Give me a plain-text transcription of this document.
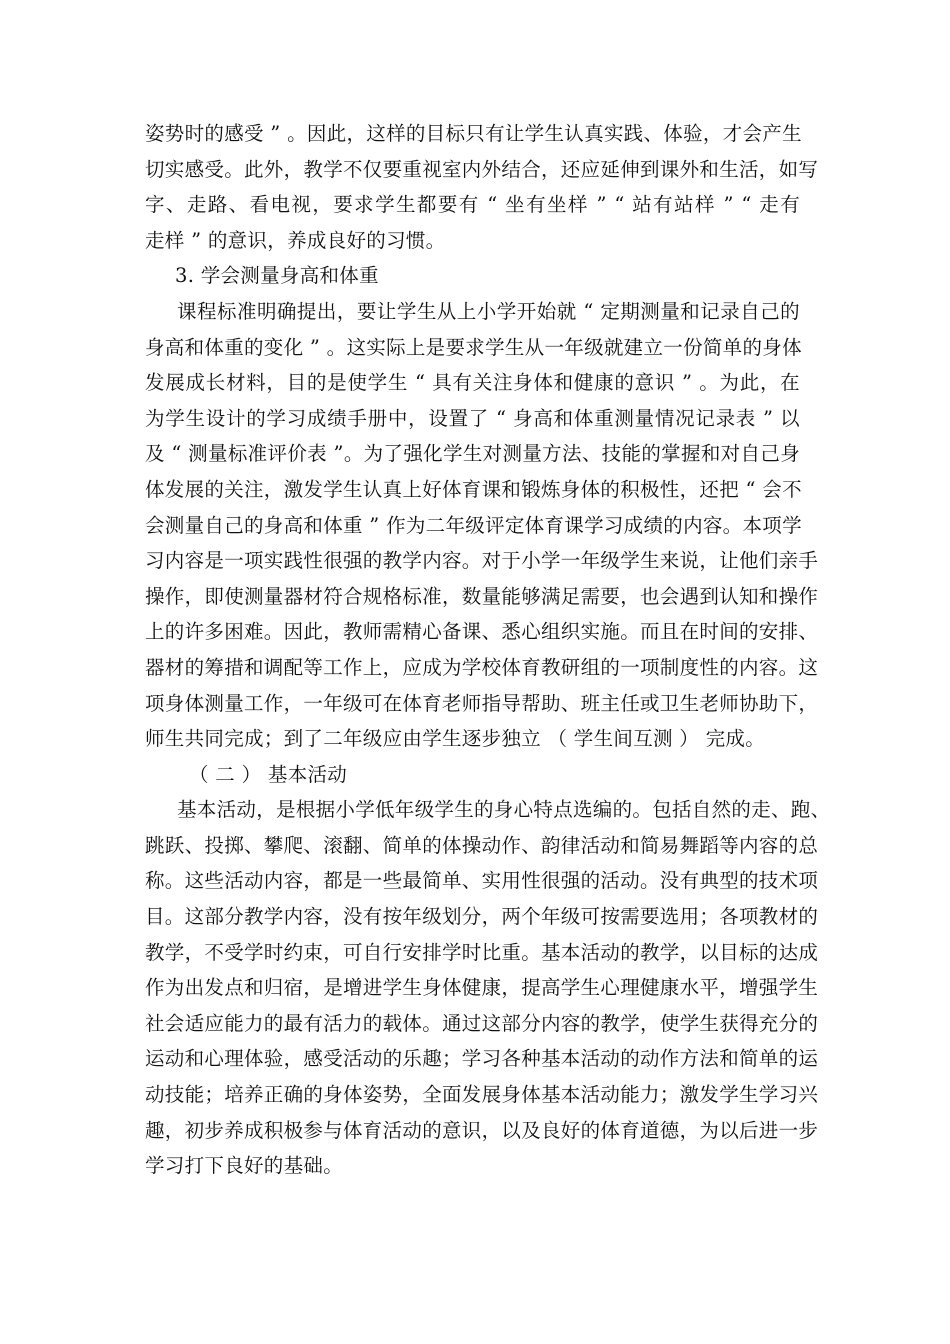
姿势时的感受 ” 。因此，这样的目标只有让学生认真实践、体验，才会产生
切实感受。此外，教学不仅要重视室内外结合，还应延伸到课外和生活，如写
字、走路、看电视，要求学生都要有 “ 坐有坐样 ” “ 站有站样 ” “ 走有
走样 ” 的意识，养成良好的习惯。
3. 学会测量身高和体重
课程标准明确提出，要让学生从上小学开始就 “ 定期测量和记录自己的
身高和体重的变化 ” 。这实际上是要求学生从一年级就建立一份简单的身体
发展成长材料，目的是使学生 “ 具有关注身体和健康的意识 ” 。为此，在
为学生设计的学习成绩手册中，设置了 “ 身高和体重测量情况记录表 ” 以
及 “ 测量标准评价表 ”。为了强化学生对测量方法、技能的掌握和对自己身
体发展的关注，激发学生认真上好体育课和锻炼身体的积极性，还把 “ 会不
会测量自己的身高和体重 ” 作为二年级评定体育课学习成绩的内容。本项学
习内容是一项实践性很强的教学内容。对于小学一年级学生来说，让他们亲手
操作，即使测量器材符合规格标准，数量能够满足需要，也会遇到认知和操作
上的许多困难。因此，教师需精心备课、悉心组织实施。而且在时间的安排、
器材的筹措和调配等工作上，应成为学校体育教研组的一项制度性的内容。这
项身体测量工作，一年级可在体育老师指导帮助、班主任或卫生老师协助下，
师生共同完成；到了二年级应由学生逐步独立 （ 学生间互测 ） 完成。
（ 二 ） 基本活动
基本活动，是根据小学低年级学生的身心特点选编的。包括自然的走、跑、
跳跃、投掷、攀爬、滚翻、简单的体操动作、韵律活动和简易舞蹈等内容的总
称。这些活动内容，都是一些最简单、实用性很强的活动。没有典型的技术项
目。这部分教学内容，没有按年级划分，两个年级可按需要选用；各项教材的
教学，不受学时约束，可自行安排学时比重。基本活动的教学，以目标的达成
作为出发点和归宿，是增进学生身体健康，提高学生心理健康水平，增强学生
社会适应能力的最有活力的载体。通过这部分内容的教学，使学生获得充分的
运动和心理体验，感受活动的乐趣；学习各种基本活动的动作方法和简单的运
动技能；培养正确的身体姿势，全面发展身体基本活动能力；激发学生学习兴
趣，初步养成积极参与体育活动的意识，以及良好的体育道德，为以后进一步
学习打下良好的基础。
